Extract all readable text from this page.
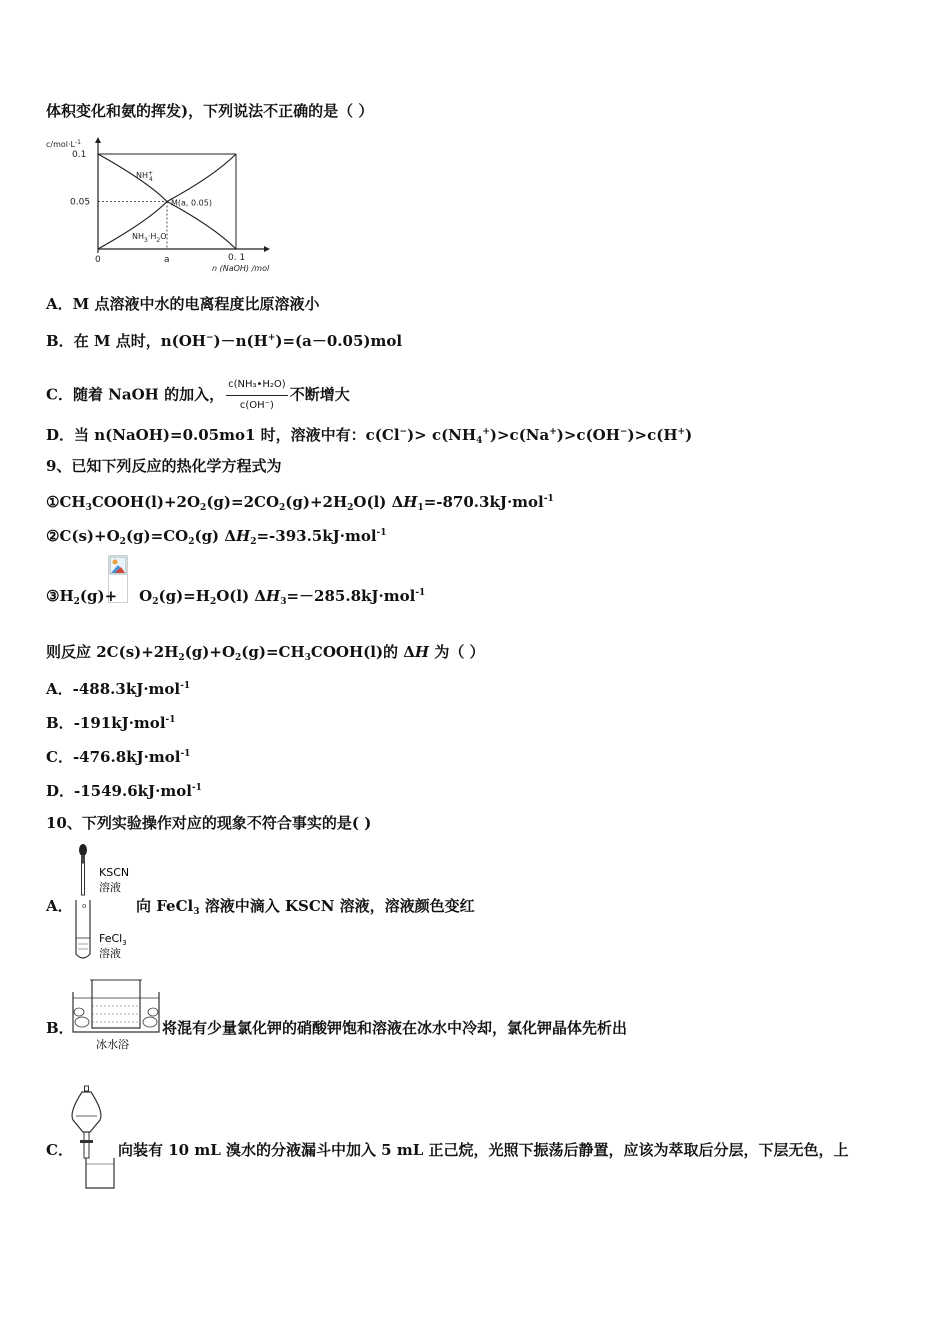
体积变化和氨的挥发)，下列说法不正确的是（ ）
0.1
0.05
0	a	0. 1
$c/mol\cdot L^{-1}$
n (NaOH) /mol
NH+ 4
$NH_3\cdot H_2O$
M(a, 0.05)
A．M 点溶液中水的电离程度比原溶液小
B．在 M 点时，n(OH−)－n(H+)=(a－0.05)mol
C．随着 NaOH 的加入， $\frac{\text{c(NH₃•H₂O)}}{c(OH^-)}$ 不断增大
D．当 n(NaOH)=0.05mo1 时，溶液中有：$c(Cl^-)> c(NH_4^+)>c(Na^+)>c(OH^-)>c(H^+)$
9、已知下列反应的热化学方程式为
$①CH_3COOH(l)+2O_2(g)=2CO_2(g)+2H_2O(l)$ $\Delta H_1=-870.3kJ\cdot mol^{-1}$
$②C(s)+O_2(g)=CO_2(g)$ $\Delta H_2=-393.5kJ\cdot mol^{-1}$
$③H_2(g)+ O_2(g)=H_2O(l)$ $\Delta H_3=-285.8kJ\cdot mol^{-1}$
则反应 $2C(s)+2H_2(g)+O_2(g)=CH_3COOH(l)$的 ΔH 为（ ）
A．-488.3kJ·mol$^{-1}$
B．-191kJ·mol$^{-1}$
C．-476.8kJ·mol$^{-1}$
D．-1549.6kJ·mol$^{-1}$
10、下列实验操作对应的现象不符合事实的是( )
o
KSCN
溶液
FeCl$_3$
溶液
A．	向 FeCl$_3$ 溶液中滴入 KSCN 溶液，溶液颜色变红
冰水浴
B．	将混有少量氯化钾的硝酸钾饱和溶液在冰水中冷却，氯化钾晶体先析出
C．	向装有 10 mL 溴水的分液漏斗中加入 5 mL 正己烷，光照下振荡后静置，应该为萃取后分层，下层无色，上
